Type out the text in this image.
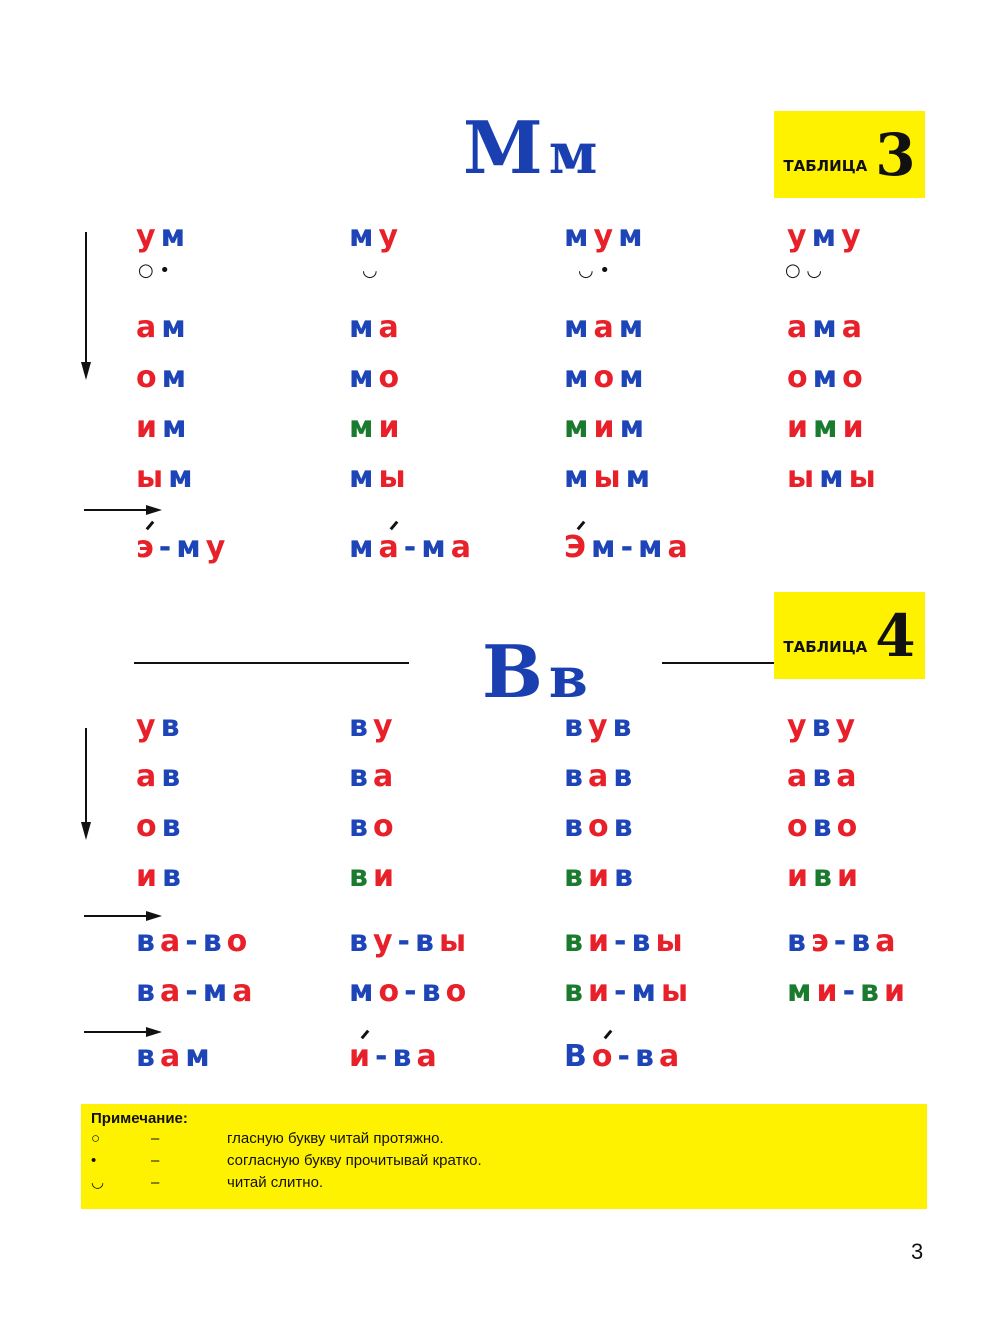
М м	ТАБЛИЦА 3
ум	му	мум	уму
ам	ма	мам	ама
ом	мо	мом	омо
им	ми	мим	ими
ым	мы	мым	ымы
э-му	ма-ма	Эм-ма
○ •	◡	◡ •	○ ◡
В в	ТАБЛИЦА 4
ув	ву	вув	уву
ав	ва	вав	ава
ов	во	вов	ово
ив	ви	вив	иви
ва-во	ву-вы	ви-вы	вэ-ва
ва-ма	мо-во	ви-мы	ми-ви
вам	и-ва	Во-ва
Примечание:
○	–	гласную букву читай протяжно.
•	–	согласную букву прочитывай кратко.
◡	–	читай слитно.
3
